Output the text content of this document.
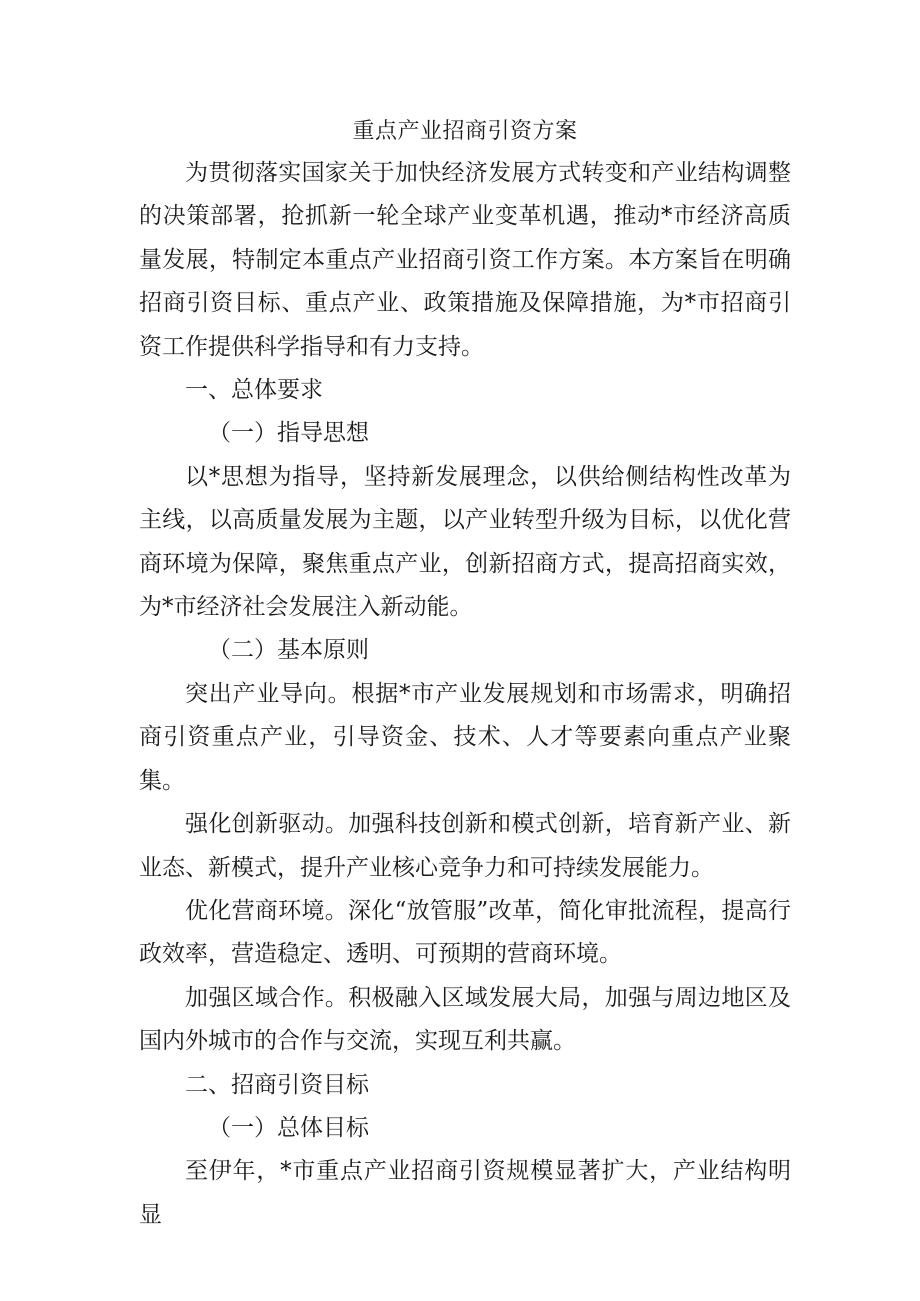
重点产业招商引资方案

为贯彻落实国家关于加快经济发展方式转变和产业结构调整的决策部署，抢抓新一轮全球产业变革机遇，推动*市经济高质量发展，特制定本重点产业招商引资工作方案。本方案旨在明确招商引资目标、重点产业、政策措施及保障措施，为*市招商引资工作提供科学指导和有力支持。

一、总体要求

（一）指导思想

以*思想为指导，坚持新发展理念，以供给侧结构性改革为主线，以高质量发展为主题，以产业转型升级为目标，以优化营商环境为保障，聚焦重点产业，创新招商方式，提高招商实效，为*市经济社会发展注入新动能。

（二）基本原则

突出产业导向。根据*市产业发展规划和市场需求，明确招商引资重点产业，引导资金、技术、人才等要素向重点产业聚集。

强化创新驱动。加强科技创新和模式创新，培育新产业、新业态、新模式，提升产业核心竞争力和可持续发展能力。

优化营商环境。深化“放管服”改革，简化审批流程，提高行政效率，营造稳定、透明、可预期的营商环境。

加强区域合作。积极融入区域发展大局，加强与周边地区及国内外城市的合作与交流，实现互利共赢。

二、招商引资目标

（一）总体目标

至伊年，*市重点产业招商引资规模显著扩大，产业结构明显
